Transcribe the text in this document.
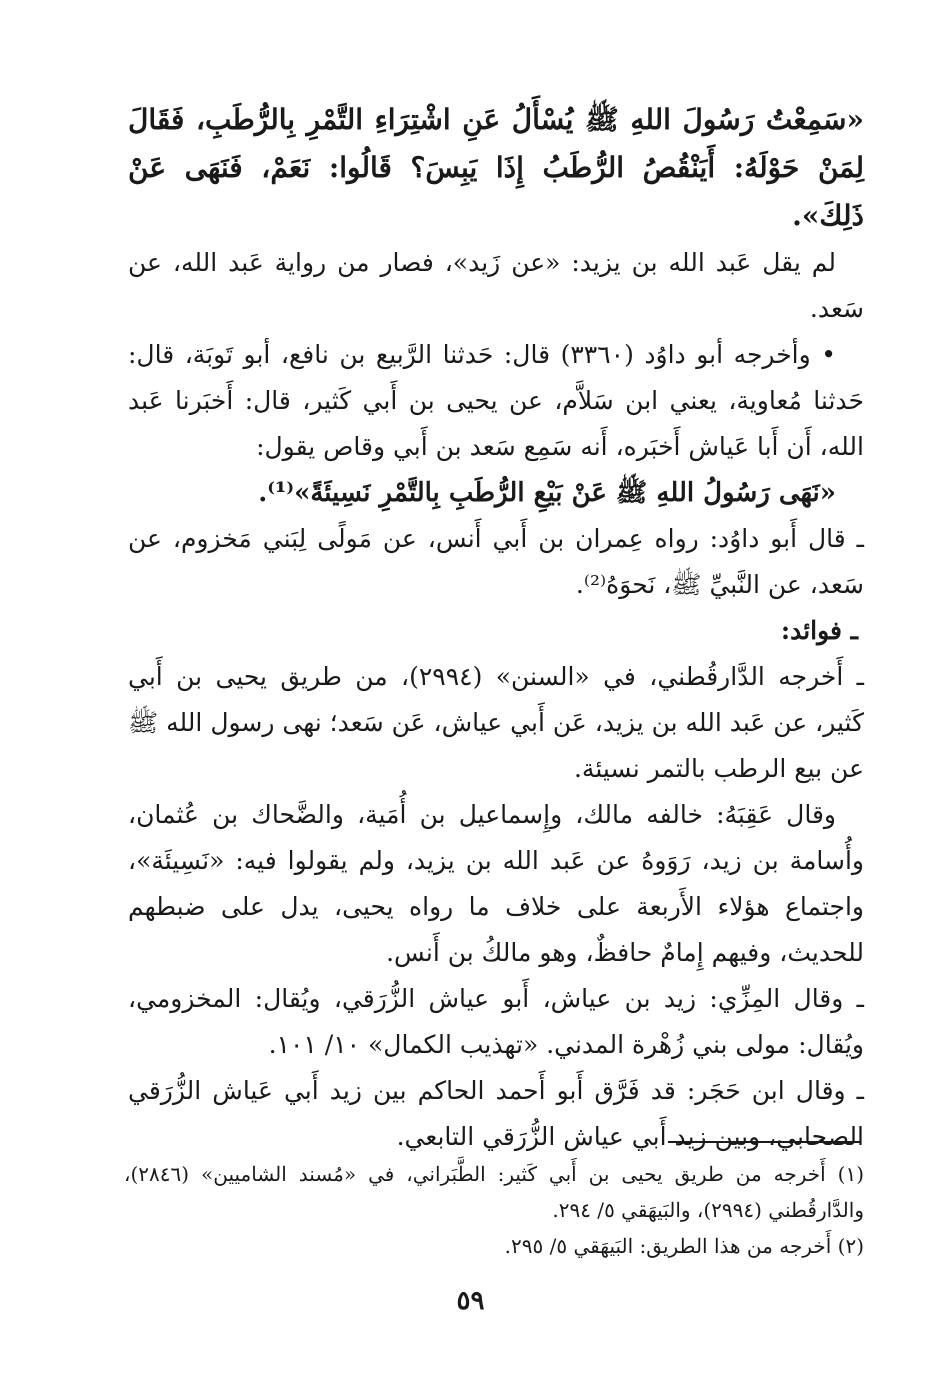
«سَمِعْتُ رَسُولَ اللهِ ﷺ يُسْأَلُ عَنِ اشْتِرَاءِ التَّمْرِ بِالرُّطَبِ، فَقَالَ لِمَنْ حَوْلَهُ: أَيَنْقُصُ الرُّطَبُ إِذَا يَبِسَ؟ قَالُوا: نَعَمْ، فَنَهَى عَنْ ذَلِكَ».

لم يقل عَبد الله بن يزيد: «عن زَيد»، فصار من رواية عَبد الله، عن سَعد.

• وأخرجه أبو داوُد (٣٣٦٠) قال: حَدثنا الرَّبيع بن نافع، أبو تَوبَة، قال: حَدثنا مُعاوية، يعني ابن سَلاَّم، عن يحيى بن أَبي كَثير، قال: أَخبَرنا عَبد الله، أَن أَبا عَياش أَخبَره، أَنه سَمِع سَعد بن أَبي وقاص يقول:

«نَهَى رَسُولُ اللهِ ﷺ عَنْ بَيْعِ الرُّطَبِ بِالتَّمْرِ نَسِيئَةً»⁽¹⁾.

ـ قال أَبو داوُد: رواه عِمران بن أَبي أَنس، عن مَولًى لِبَني مَخزوم، عن سَعد، عن النَّبيِّ ﷺ، نَحوَهُ⁽²⁾.

ـ فوائد:

ـ أَخرجه الدَّارقُطني، في «السنن» (٢٩٩٤)، من طريق يحيى بن أَبي كَثير، عن عَبد الله بن يزيد، عَن أَبي عياش، عَن سَعد؛ نهى رسول الله ﷺ عن بيع الرطب بالتمر نسيئة.

وقال عَقِبَهُ: خالفه مالك، وإِسماعيل بن أُمَية، والضَّحاك بن عُثمان، وأُسامة بن زيد، رَوَوهُ عن عَبد الله بن يزيد، ولم يقولوا فيه: «نَسِيئَة»، واجتماع هؤلاء الأَربعة على خلاف ما رواه يحيى، يدل على ضبطهم للحديث، وفيهم إِمامٌ حافظٌ، وهو مالكُ بن أَنس.

ـ وقال المِزِّي: زيد بن عياش، أَبو عياش الزُّرَقي، ويُقال: المخزومي، ويُقال: مولى بني زُهْرة المدني. «تهذيب الكمال» ١٠/ ١٠١.

ـ وقال ابن حَجَر: قد فَرَّق أَبو أَحمد الحاكم بين زيد أَبي عَياش الزُّرَقي الصحابي، وبين زيد أَبي عياش الزُّرَقي التابعي.

(١) أَخرجه من طريق يحيى بن أَبي كَثير: الطَّبَراني، في «مُسند الشاميين» (٢٨٤٦)، والدَّارقُطني (٢٩٩٤)، والبَيهَقي ٥/ ٢٩٤.

(٢) أَخرجه من هذا الطريق: البَيهَقي ٥/ ٢٩٥.

٥٩
